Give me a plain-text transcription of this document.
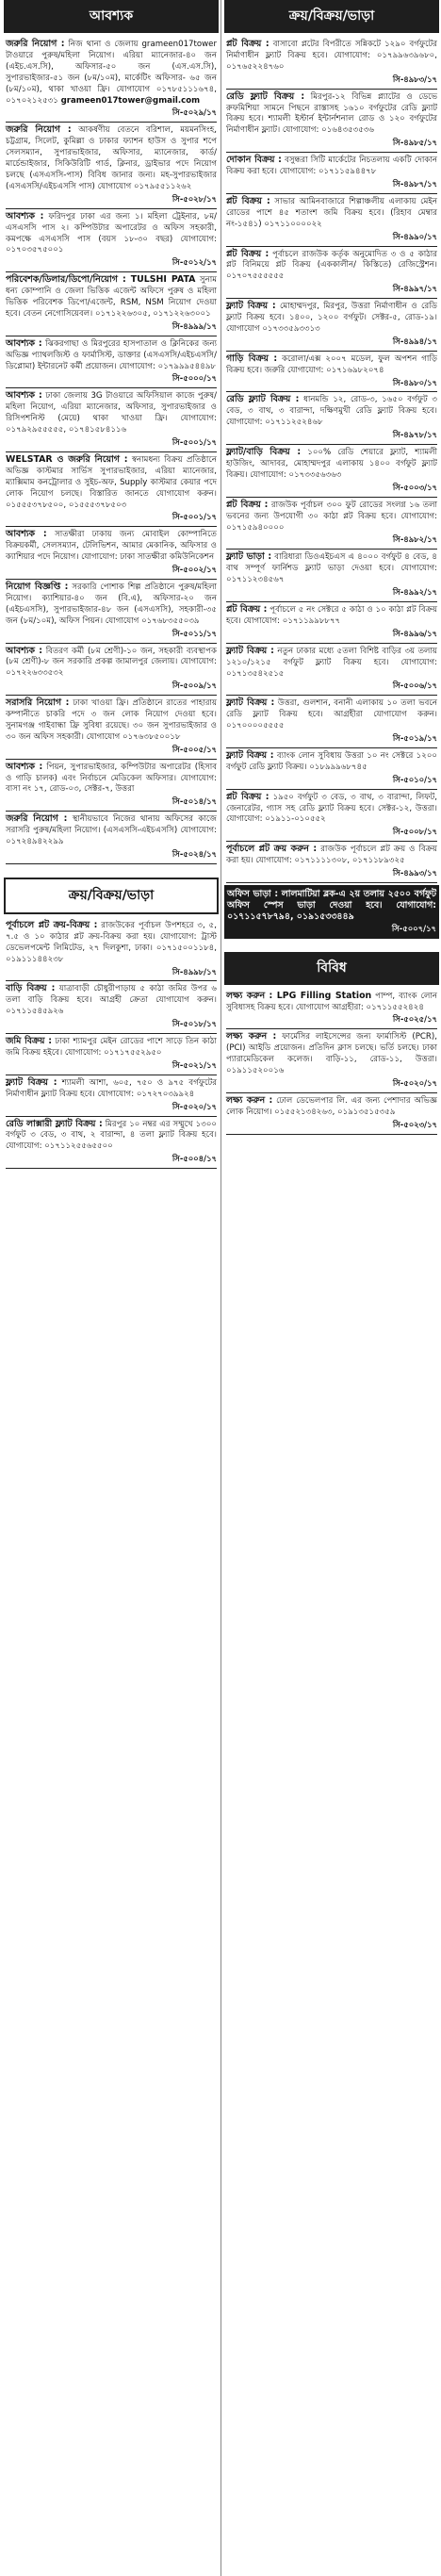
আবশ্যক
জরুরি নিয়োগ : নিজ থানা ও জেলায় grameen017tower টাওয়ারে পুরুষ/মহিলা নিয়োগ। এরিয়া ম্যানেজার-৪০ জন (এইচ.এস.সি), অফিসার-৫০ জন (এস.এস.সি), সুপারভাইজার-৫১ জন (৮ম/১০ম), মার্কেটিং অফিসার- ৬৫ জন (৮ম/১০ম), থাকা খাওয়া ফ্রি। যোগাযোগ ০১৭৮৫১১১৬৭৪, ০১৭০২১২৫৩১ grameen017tower@gmail.com
সি-৫০২৯/১৭
জরুরি নিয়োগ : আকর্ষণীয় বেতনে বরিশাল, ময়মনসিংহ, চট্টগ্রাম, সিলেট, কুমিল্লা ও ঢাকার ফ্যাশন হাউস ও সুপার শপে সেলসম্যান, সুপারভাইজার, অফিসার, ম্যানেজার, কার্ড/মার্চেন্ডাইজার, সিকিউরিটি গার্ড, ক্লিনার, ড্রাইভার পদে নিয়োগ চলছে (এসএসসি-পাস) বিবিধ জানার জন্য। মহ-সুপারভাইজার (এসএসসি/এইচএসসি পাস) যোগাযোগ ০১৭৯৫৫১১২৬২
সি-৫০২৮/১৭
আবশ্যক : ফরিদপুর ঢাকা এর জন্য ১। মহিলা ট্রেইনার, ৮ম/এসএসসি পাস ২। কম্পিউটার অপারেটর ও অফিস সহকারী, কমপক্ষে এসএসসি পাস (বয়স ১৮-৩০ বছর) যোগাযোগ: ০১৭০৩৫৭৫০০১
সি-৫০১২/১৭
পরিবেশক/ডিলার/ডিপো/নিয়োগ : TULSHI PATA সুনাম ধন্য কোম্পানি ও জেলা ভিত্তিক এজেন্ট অফিসে পুরুষ ও মহিলা ভিত্তিক পরিবেশক ডিপো/এজেন্ট, RSM, NSM নিয়োগ দেওয়া হবে। বেতন নেগোসিয়েবল। ০১৭১২২৬৩০৫, ০১৭১২২৬৩০০১
সি-৪৯৯৯/১৭
আবশ্যক : ঝিকরগাছা ও মিরপুরের হাসপাতাল ও ক্লিনিকের জন্য অভিজ্ঞ প্যাথলজিস্ট ও ফার্মাসিস্ট, ডাক্তার (এসএসসি/এইচএসসি/ডিপ্লোমা) ইন্টারনেট কর্মী প্রয়োজন। যোগাযোগ: ০১৭৯৯৯৫৪৪৯৮
সি-৫০০০/১৭
আবশ্যক : ঢাকা জেলায় 3G টাওয়ারে অফিসিয়াল কাজে পুরুষ/মহিলা নিয়োগ, এরিয়া ম্যানেজার, অফিসার, সুপারভাইজার ও রিসিপশনিস্ট (মেয়ে) থাকা খাওয়া ফ্রি। যোগাযোগ: ০১৭৯২৯৫৫৫৫৫, ০১৭৪১৫৮৪১১৬
সি-৫০০১/১৭
WELSTAR ও জরুরি নিয়োগ : স্বনামধন্য বিক্রয় প্রতিষ্ঠানে অভিজ্ঞ কাস্টমার সার্ভিস সুপারভাইজার, এরিয়া ম্যানেজার, ম্যাক্সিমাম কনট্রোলার ও সুইচ-অফ, Supply কাস্টমার কেয়ার পদে লোক নিয়োগ চলছে। বিস্তারিত জানতে যোগাযোগ করুন। ০১৫৫৫৩৭৮৫০০, ০১৫৫৫৩৭৮৫০৩
সি-৫০০১/১৭
আবশ্যক : সাতক্ষীরা ঢাকায় জন্য মোবাইল কোম্পানিতে বিক্রয়কর্মী, সেলসম্যান, টেলিভিশন, আমার মেকানিক, অফিসার ও ক্যাশিয়ার পদে নিয়োগ। যোগাযোগ: ঢাকা সাতক্ষীরা কমিউনিকেশন
সি-৫০০২/১৭
নিয়োগ বিজ্ঞপ্তি : সরকারি পোশাক শিল্প প্রতিষ্ঠানে পুরুষ/মহিলা নিয়োগ। ক্যাশিয়ার-৪০ জন (বি.এ), অফিসার-২০ জন (এইচএসসি), সুপারভাইজার-৪৮ জন (এসএসসি), সহকারী-৩৫ জন (৮ম/১০ম), অফিস পিয়ন। যোগাযোগ ০১৭৬৮৩৫৫০৩৯
সি-৫০১১/১৭
আবশ্যক : বিতরণ কর্মী (৮ম শ্রেণী)-১০ জন, সহকারী ব্যবস্থাপক (৮ম শ্রেণী)-৮ জন সরকারি প্রকল্প জামালপুর জেলায়। যোগাযোগ: ০১৭২২৬৩৩৫৩২
সি-৫০০৯/১৭
সরাসরি নিয়োগ : ঢাকা খাওয়া ফ্রি। প্রতিষ্ঠানে রাতের পাহারায় কম্পানীতে চাকরি পদে ৩ জন লোক নিয়োগ দেওয়া হবে। সুনামগঞ্জ গাইবান্ধা ফ্রি সুবিধা রয়েছে। ৩০ জন সুপারভাইজার ও ৩০ জন অফিস সহকারী। যোগাযোগ ০১৭৬৩৮৫০০১৮
সি-৫০০৫/১৭
আবশ্যক : পিয়ন, সুপারভাইজার, কম্পিউটার অপারেটর (হিসাব ও গাড়ি চালক) এবং নির্বাচনে মেডিকেল অফিসার। যোগাযোগ: বাসা নং ১৭, রোড-০৩, সেক্টর-৭, উত্তরা
সি-৫০১৪/১৭
জরুরি নিয়োগ : স্থানীয়ভাবে নিজের থানায় অফিসের কাজে সরাসরি পুরুষ/মহিলা নিয়োগ। (এসএসসি-এইচএসসি) যোগাযোগ: ০১৭২৪৯৪২২৯৯
সি-৫০২৪/১৭
ক্রয়/বিক্রয়/ভাড়া
পূর্বাচলে প্লট ক্রয়-বিক্রয় : রাজউকের পূর্বাচল উপশহরে ৩, ৫, ৭.৫ ও ১০ কাঠার প্লট ক্রয়-বিক্রয় করা হয়। যোগাযোগ: ট্রাস্ট ডেভেলপমেন্ট লিমিটেড, ২৭ দিলকুশা, ঢাকা। ০১৭১৫০০১১৮৪, ০১৯১১১৪৪২৩৮
সি-৪৯৯৮/১৭
বাড়ি বিক্রয় : যাত্রাবাড়ী চৌধুরীপাড়ায় ৫ কাঠা জমির উপর ৬ তলা বাড়ি বিক্রয় হবে। আগ্রহী ক্রেতা যোগাযোগ করুন। ০১৭১১৫৪৫৯২৬
সি-৫০১৮/১৭
জমি বিক্রয় : ঢাকা শ্যামপুর মেইন রোডের পাশে সাড়ে তিন কাঠা জমি বিক্রয় হইবে। যোগাযোগ: ০১৭১৭৫৫২৯৫০
সি-৫০২১/১৭
ফ্ল্যাট বিক্রয় : শ্যামলী আশা, ৬০৫, ৭৫০ ও ৯৭৫ বর্গফুটের নির্মাণাধীন ফ্ল্যাট বিক্রয় হবে। যোগাযোগ: ০১৭২৭০৩৯৯২৪
সি-৫০২০/১৭
রেডি লাক্সারী ফ্ল্যাট বিক্রয় : মিরপুর ১০ নম্বর এর সম্মুখে ১৩০০ বর্গফুট ৩ বেড, ৩ বাথ, ২ বারান্দা, ৪ তলা ফ্ল্যাট বিক্রয় হবে। যোগাযোগ: ০১৭১১২৫৫৬৫৫০০
সি-৫০০৪/১৭
ক্রয়/বিক্রয়/ভাড়া
প্লট বিক্রয় : বাসাবো প্লটের বিপরীতে সন্নিকটে ১২৯০ বর্গফুটের নির্মাণাধীন ফ্ল্যাট বিক্রয় হবে। যোগাযোগ: ০১৭৯৯৬৩৯৬৮০, ০১৭৬৫২২৪৭৬০
সি-৪৯৮৩/১৭
রেডি ফ্ল্যাট বিক্রয় : মিরপুর-১২ বিভিন্ন প্ল্যাটের ও ডেভে রুফমিশিয়া সামনে পিছনে রাস্তাসহ ১৬১০ বর্গফুটের রেডি ফ্ল্যাট বিক্রয় হবে। শ্যামলী ইস্টার্ন ইন্টার্নশনাল রোড ও ১২০ বর্গফুটের নির্মাণাধীন ফ্ল্যাট। যোগাযোগ: ০১৬৪৩৫৩৫৩৬
সি-৪৯৮৫/১৭
দোকান বিক্রয় : বসুন্ধরা সিটি মার্কেটের নিচতলায় একটি দোকান বিক্রয় করা হবে। যোগাযোগ: ০১৭১১৫৯৪৪৭৮
সি-৪৯৮৭/১৭
প্লট বিক্রয় : সাভার আমিনবাজারে শিল্পাঞ্চলীয় এলাকায় মেইন রোডের পাশে ৪৫ শতাংশ জমি বিক্রয় হবে। (রিহাব মেম্বার নং-১৫৪১) ০১৭১১০০০০২২
সি-৪৯৯০/১৭
প্লট বিক্রয় : পূর্বাচলে রাজউক কর্তৃক অনুমোদিত ৩ ও ৫ কাঠার প্লট বিনিময়ে প্লট বিক্রয় (এককালীন/ কিস্তিতে) রেজিস্ট্রেশন। ০১৭০৭৫৫৫৫৫৫
সি-৪৯৯৭/১৭
ফ্ল্যাট বিক্রয় : মোহাম্মদপুর, মিরপুর, উত্তরা নির্মাণাধীন ও রেডি ফ্ল্যাট বিক্রয় হবে। ১৪০০, ১২০০ বর্গফুট। সেক্টর-৫, রোড-১৯। যোগাযোগ ০১৭৩৩৫৯৩৩১৩
সি-৪৯৯৪/১৭
গাড়ি বিক্রয় : করোলা/এক্স ২০০৭ মডেল, ফুল অপশন গাড়ি বিক্রয় হবে। জরুরি যোগাযোগ: ০১৭১৬৯৮২০৭৪
সি-৪৯৮০/১৭
রেডি ফ্ল্যাট বিক্রয় : ধানমন্ডি ১২, রোড-৩, ১৬৫০ বর্গফুট ৩ বেড, ৩ বাথ, ৩ বারান্দা, দক্ষিণমুখী রেডি ফ্ল্যাট বিক্রয় হবে। যোগাযোগ: ০১৭১১২৫২৪৬৮
সি-৪৯৭৮/১৭
ফ্ল্যাট/বাড়ি বিক্রয় : ১০০% রেডি শেয়ারে ফ্ল্যাট, শ্যামলী হাউজিং, আদাবর, মোহাম্মদপুর এলাকায় ১৪০০ বর্গফুট ফ্ল্যাট বিক্রয়। যোগাযোগ: ০১৭৩৩৫৬৩৬৩
সি-৫০০৩/১৭
প্লট বিক্রয় : রাজউক পূর্বাচল ৩০০ ফুট রোডের সংলগ্ন ১৬ তলা ভবনের জন্য উপযোগী ৩০ কাঠা প্লট বিক্রয় হবে। যোগাযোগ: ০১৭১৫৯৪০০০০
সি-৪৯৮২/১৭
ফ্ল্যাট ভাড়া : বারিধারা ডিওএইচএস এ ৪০০০ বর্গফুট ৪ বেড, ৪ বাথ সম্পূর্ণ ফার্নিশড ফ্ল্যাট ভাড়া দেওয়া হবে। যোগাযোগ: ০১৭১১২৩৪৫৬৭
সি-৪৯৯২/১৭
প্লট বিক্রয় : পূর্বাচলে ৫ নং সেক্টরে ৫ কাঠা ও ১০ কাঠা প্লট বিক্রয় হবে। যোগাযোগ: ০১৭১১৯৯৮৮৭৭
সি-৪৯৯৬/১৭
ফ্ল্যাট বিক্রয় : নতুন ঢাকার মধ্যে ৫তলা বিশিষ্ট বাড়ির ৩য় তলায় ১২১০/১২১৫ বর্গফুট ফ্ল্যাট বিক্রয় হবে। যোগাযোগ: ০১৭১৩৫৪২৫১৫
সি-৫০০৬/১৭
ফ্ল্যাট বিক্রয় : উত্তরা, গুলশান, বনানী এলাকায় ১০ তলা ভবনে রেডি ফ্ল্যাট বিক্রয় হবে। আগ্রহীরা যোগাযোগ করুন। ০১৭০০০০৫৫৫৫
সি-৫০১৯/১৭
ফ্ল্যাট বিক্রয় : ব্যাংক লোন সুবিধায় উত্তরা ১০ নং সেক্টরে ১২০০ বর্গফুট রেডি ফ্ল্যাট বিক্রয়। ০১৮৯৯৯৬৮৭৪৫
সি-৫০১০/১৭
প্লট বিক্রয় : ১৯৫০ বর্গফুট ৩ বেড, ৩ বাথ, ৩ বারান্দা, লিফট, জেনারেটর, গ্যাস সহ রেডি ফ্ল্যাট বিক্রয় হবে। সেক্টর-১২, উত্তরা। যোগাযোগ: ০১৯১১-০১০৫৫২
সি-৫০০৮/১৭
পূর্বাচলে প্লট ক্রয় করুন : রাজউক পূর্বাচলে প্লট ক্রয় ও বিক্রয় করা হয়। যোগাযোগ: ০১৭১১১১৩০৮, ০১৭১১৮৯৩২৫
সি-৪৯৯৩/১৭
অফিস ভাড়া : লালমাটিয়া ব্লক-এ ২য় তলায় ২৫০০ বর্গফুট অফিস স্পেস ভাড়া দেওয়া হবে। যোগাযোগ: ০১৭১১৫৭৮৭৯৪, ০১৯১৫৩৩৪৪৯
সি-৫০০৭/১৭
বিবিধ
লক্ষ্য করুন : LPG Filling Station পাম্প, ব্যাংক লোন সুবিধাসহ বিক্রয় হবে। যোগাযোগ আগ্রহীরা: ০১৭১১৫৫২৪২৪
সি-৫০২৫/১৭
লক্ষ্য করুন : ফার্মেসির লাইসেন্সের জন্য ফার্মাসিস্ট (PCR), (PCI) আইডি প্রয়োজন। প্রতিদিন ক্লাস চলছে। ভর্তি চলছে। ঢাকা প্যারামেডিকেল কলেজ। বাড়ি-১১, রোড-১১, উত্তরা। ০১৯১১৫২০০১৬
সি-৫০২০/১৭
লক্ষ্য করুন : ঢোল ডেভেলপার লি. এর জন্য পেশাদার অভিজ্ঞ লোক নিয়োগ। ০১৫৫২১৩৪২৬৩, ০১৯১৩৫১৫৩৫৯
সি-৫০২৩/১৭
